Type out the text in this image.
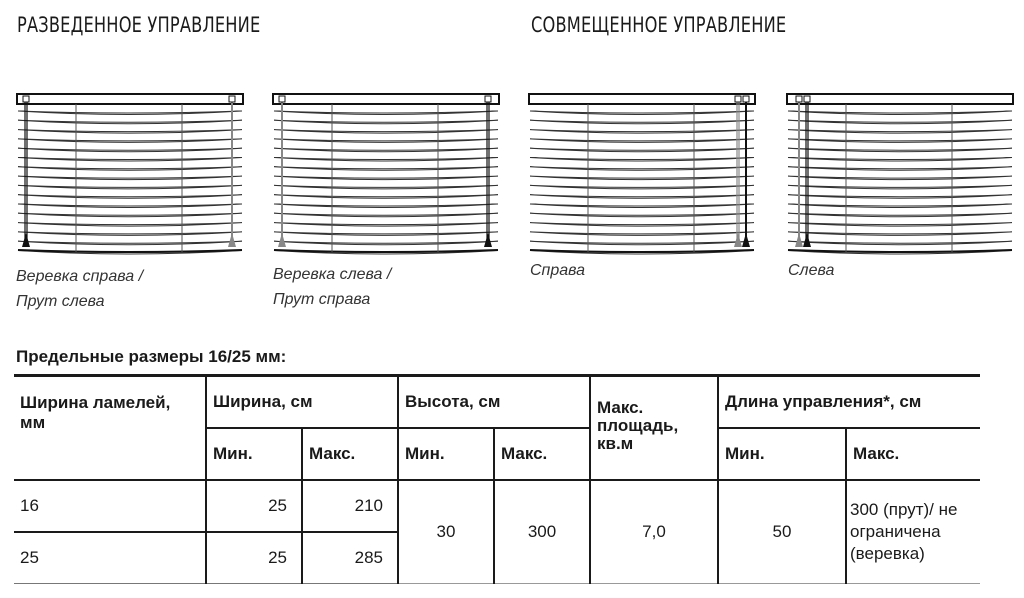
РАЗВЕДЕННОЕ УПРАВЛЕНИЕ	СОВМЕЩЕННОЕ УПРАВЛЕНИЕ
Веревка справа /
Прут слева
Веревка слева /
Прут справа
Справа	Слева
Предельные размеры 16/25 мм:
Ширина ламелей, мм	Ширина, см		Высота, см		Макс. площадь, кв.м	Длина управления*, см	
	Мин.	Макс.	Мин.	Макс.		Мин.	Макс.
16	25	210	30	300	7,0	50	300 (прут)/ не ограничена (веревка)
25	25	285					
